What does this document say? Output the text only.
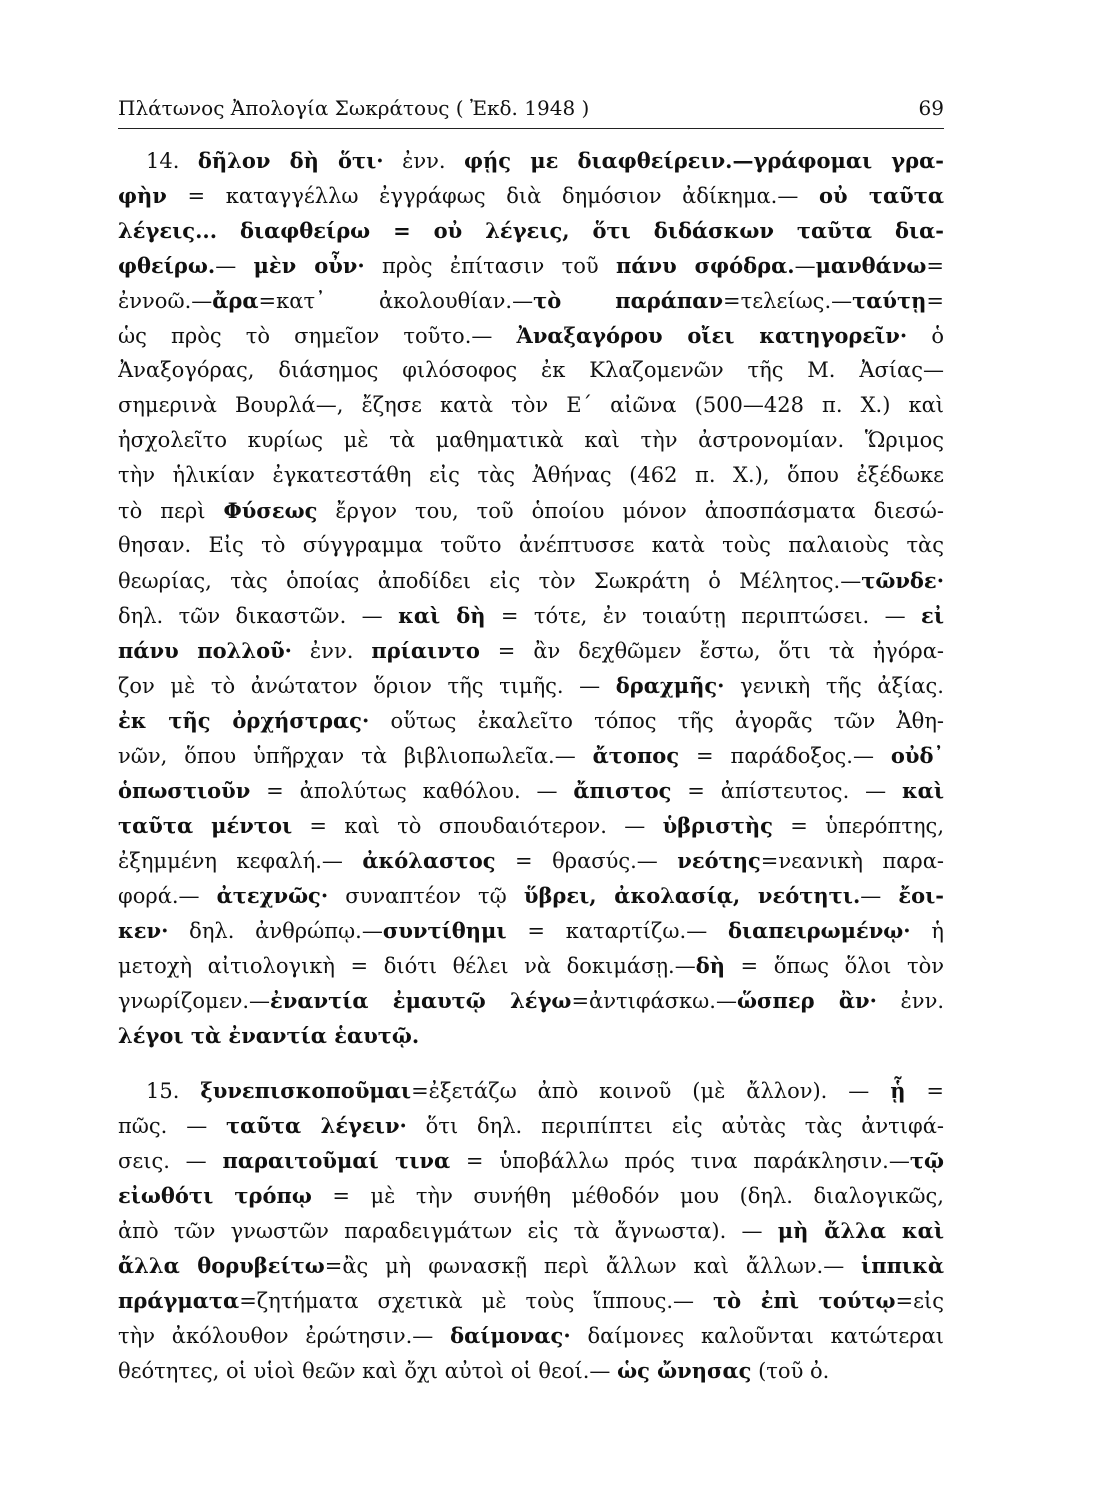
Πλάτωνος Ἀπολογία Σωκράτους ( Ἐκδ. 1948 )	69
14. δῆλον δὴ ὅτι· ἐνν. φῄς με διαφθείρειν.—γράφομαι γρα-
φὴν = καταγγέλλω ἐγγράφως διὰ δημόσιον ἀδίκημα.— οὐ ταῦτα
λέγεις... διαφθείρω = οὐ λέγεις, ὅτι διδάσκων ταῦτα δια-
φθείρω.— μὲν οὖν· πρὸς ἐπίτασιν τοῦ πάνυ σφόδρα.—μανθάνω=
ἐννοῶ.—ἄρα=κατ᾽ ἀκολουθίαν.—τὸ παράπαν=τελείως.—ταύτῃ=
ὡς πρὸς τὸ σημεῖον τοῦτο.— Ἀναξαγόρου οἴει κατηγορεῖν· ὁ
Ἀναξογόρας, διάσημος φιλόσοφος ἐκ Κλαζομενῶν τῆς Μ. Ἀσίας—
σημερινὰ Βουρλά—, ἔζησε κατὰ τὸν Ε΄ αἰῶνα (500—428 π. Χ.) καὶ
ἠσχολεῖτο κυρίως μὲ τὰ μαθηματικὰ καὶ τὴν ἀστρονομίαν. Ὥριμος
τὴν ἡλικίαν ἐγκατεστάθη εἰς τὰς Ἀθήνας (462 π. Χ.), ὅπου ἐξέδωκε
τὸ περὶ Φύσεως ἔργον του, τοῦ ὁποίου μόνον ἀποσπάσματα διεσώ-
θησαν. Εἰς τὸ σύγγραμμα τοῦτο ἀνέπτυσσε κατὰ τοὺς παλαιοὺς τὰς
θεωρίας, τὰς ὁποίας ἀποδίδει εἰς τὸν Σωκράτη ὁ Μέλητος.—τῶνδε·
δηλ. τῶν δικαστῶν. — καὶ δὴ = τότε, ἐν τοιαύτῃ περιπτώσει. — εἰ
πάνυ πολλοῦ· ἐνν. πρίαιντο = ἂν δεχθῶμεν ἔστω, ὅτι τὰ ἠγόρα-
ζον μὲ τὸ ἀνώτατον ὅριον τῆς τιμῆς. — δραχμῆς· γενικὴ τῆς ἀξίας.
ἐκ τῆς ὀρχήστρας· οὕτως ἐκαλεῖτο τόπος τῆς ἀγορᾶς τῶν Ἀθη-
νῶν, ὅπου ὑπῆρχαν τὰ βιβλιοπωλεῖα.— ἄτοπος = παράδοξος.— οὐδ᾽
ὁπωστιοῦν = ἀπολύτως καθόλου. — ἄπιστος = ἀπίστευτος. — καὶ
ταῦτα μέντοι = καὶ τὸ σπουδαιότερον. — ὑβριστὴς = ὑπερόπτης,
ἐξημμένη κεφαλή.— ἀκόλαστος = θρασύς.— νεότης=νεανικὴ παρα-
φορά.— ἀτεχνῶς· συναπτέον τῷ ὕβρει, ἀκολασίᾳ, νεότητι.— ἔοι-
κεν· δηλ. ἀνθρώπῳ.—συντίθημι = καταρτίζω.— διαπειρωμένῳ· ἡ
μετοχὴ αἰτιολογικὴ = διότι θέλει νὰ δοκιμάσῃ.—δὴ = ὅπως ὅλοι τὸν
γνωρίζομεν.—ἐναντία ἐμαυτῷ λέγω=ἀντιφάσκω.—ὥσπερ ἂν· ἐνν.
λέγοι τὰ ἐναντία ἑαυτῷ.
15. ξυνεπισκοποῦμαι=ἐξετάζω ἀπὸ κοινοῦ (μὲ ἄλλον). — ᾗ =
πῶς. — ταῦτα λέγειν· ὅτι δηλ. περιπίπτει εἰς αὐτὰς τὰς ἀντιφά-
σεις. — παραιτοῦμαί τινα = ὑποβάλλω πρός τινα παράκλησιν.—τῷ
εἰωθότι τρόπῳ = μὲ τὴν συνήθη μέθοδόν μου (δηλ. διαλογικῶς,
ἀπὸ τῶν γνωστῶν παραδειγμάτων εἰς τὰ ἄγνωστα). — μὴ ἄλλα καὶ
ἄλλα θορυβείτω=ἂς μὴ φωνασκῇ περὶ ἄλλων καὶ ἄλλων.— ἱππικὰ
πράγματα=ζητήματα σχετικὰ μὲ τοὺς ἵππους.— τὸ ἐπὶ τούτῳ=εἰς
τὴν ἀκόλουθον ἐρώτησιν.— δαίμονας· δαίμονες καλοῦνται κατώτεραι
θεότητες, οἱ υἱοὶ θεῶν καὶ ὄχι αὐτοὶ οἱ θεοί.— ὡς ὤνησας (τοῦ ὀ.
